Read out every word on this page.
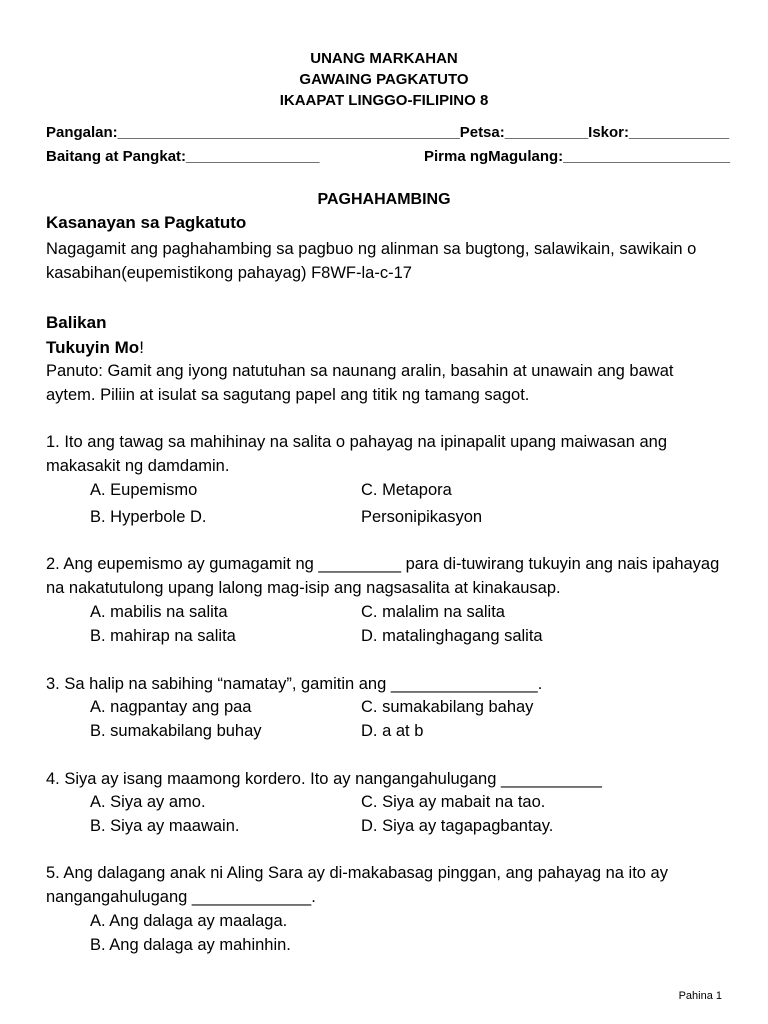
UNANG MARKAHAN
GAWAING PAGKATUTO
IKAAPAT LINGGO-FILIPINO 8
Pangalan:_________________________________________Petsa:__________Iskor:____________
Baitang at Pangkat:________________	Pirma ngMagulang:____________________
PAGHAHAMBING
Kasanayan sa Pagkatuto
Nagagamit ang paghahambing sa pagbuo ng alinman sa bugtong, salawikain, sawikain o
kasabihan(eupemistikong pahayag) F8WF-la-c-17
Balikan
Tukuyin Mo!
Panuto: Gamit ang iyong natutuhan sa naunang aralin, basahin at unawain ang bawat
aytem. Piliin at isulat sa sagutang papel ang titik ng tamang sagot.
1. Ito ang tawag sa mahihinay na salita o pahayag na ipinapalit upang maiwasan ang
makasakit ng damdamin.
A. Eupemismo	C. Metapora
B. Hyperbole D.	Personipikasyon
2. Ang eupemismo ay gumagamit ng _________ para di-tuwirang tukuyin ang nais ipahayag
na nakatutulong upang lalong mag-isip ang nagsasalita at kinakausap.
A. mabilis na salita	C. malalim na salita
B. mahirap na salita	D. matalinghagang salita
3. Sa halip na sabihing “namatay”, gamitin ang ________________.
A. nagpantay ang paa	C. sumakabilang bahay
B. sumakabilang buhay	D. a at b
4. Siya ay isang maamong kordero. Ito ay nangangahulugang ___________
A. Siya ay amo.	C. Siya ay mabait na tao.
B. Siya ay maawain.	D. Siya ay tagapagbantay.
5. Ang dalagang anak ni Aling Sara ay di-makabasag pinggan, ang pahayag na ito ay
nangangahulugang _____________.
A. Ang dalaga ay maalaga.
B. Ang dalaga ay mahinhin.
Pahina 1
